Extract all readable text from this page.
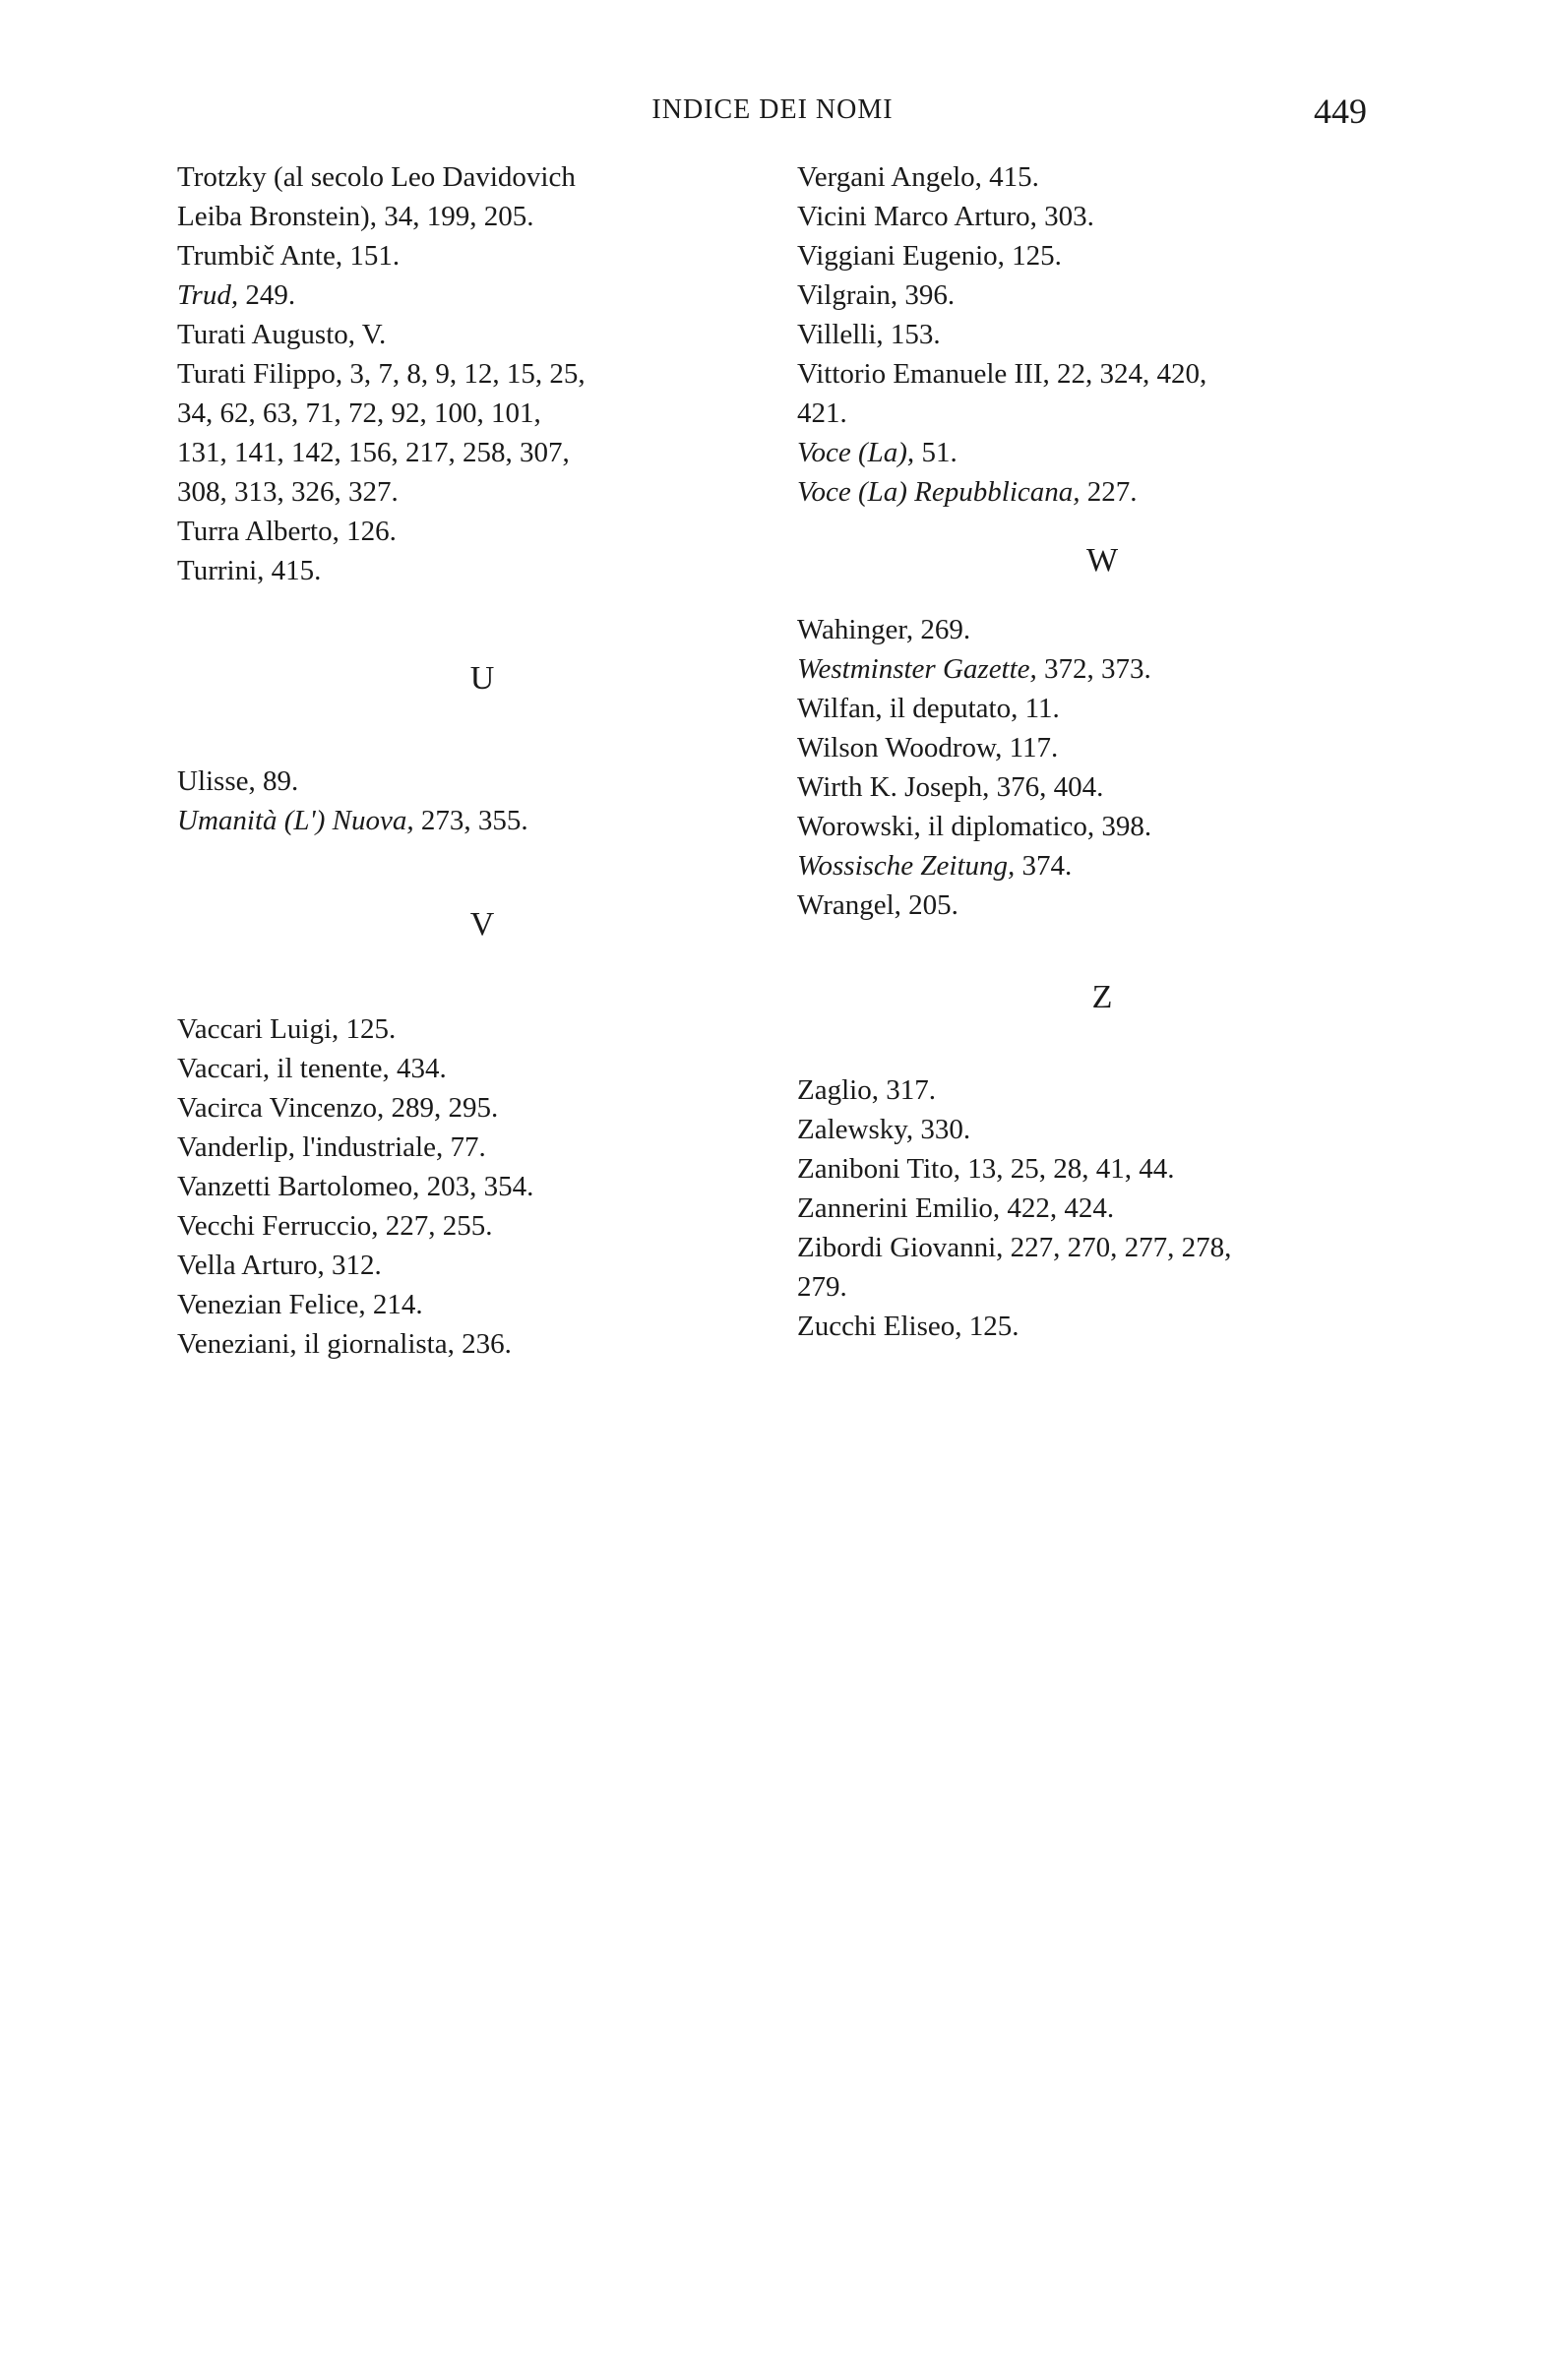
INDICE DEI NOMI	449

Trotzky (al secolo Leo Davidovich
Leiba Bronstein), 34, 199, 205.

Trumbič Ante, 151.

Trud, 249.

Turati Augusto, V.

Turati Filippo, 3, 7, 8, 9, 12, 15, 25,
34, 62, 63, 71, 72, 92, 100, 101,
131, 141, 142, 156, 217, 258, 307,
308, 313, 326, 327.

Turra Alberto, 126.

Turrini, 415.

U

Ulisse, 89.

Umanità (L') Nuova, 273, 355.

V

Vaccari Luigi, 125.

Vaccari, il tenente, 434.

Vacirca Vincenzo, 289, 295.

Vanderlip, l'industriale, 77.

Vanzetti Bartolomeo, 203, 354.

Vecchi Ferruccio, 227, 255.

Vella Arturo, 312.

Venezian Felice, 214.

Veneziani, il giornalista, 236.

Vergani Angelo, 415.

Vicini Marco Arturo, 303.

Viggiani Eugenio, 125.

Vilgrain, 396.

Villelli, 153.

Vittorio Emanuele III, 22, 324, 420,
421.

Voce (La), 51.

Voce (La) Repubblicana, 227.

W

Wahinger, 269.

Westminster Gazette, 372, 373.

Wilfan, il deputato, 11.

Wilson Woodrow, 117.

Wirth K. Joseph, 376, 404.

Worowski, il diplomatico, 398.

Wossische Zeitung, 374.

Wrangel, 205.

Z

Zaglio, 317.

Zalewsky, 330.

Zaniboni Tito, 13, 25, 28, 41, 44.

Zannerini Emilio, 422, 424.

Zibordi Giovanni, 227, 270, 277, 278,
279.

Zucchi Eliseo, 125.
